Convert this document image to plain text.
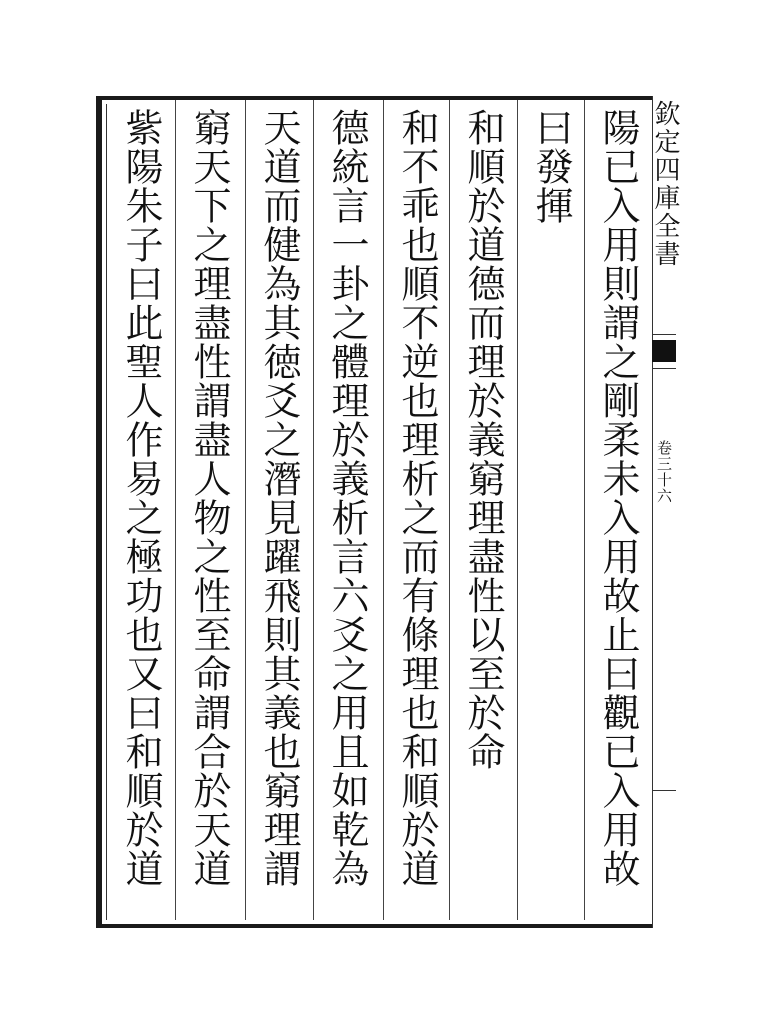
陽已入用則謂之剛柔未入用故止曰觀已入用故
曰發揮
和順於道德而理於義窮理盡性以至於命
和不乖也順不逆也理析之而有條理也和順於道
德統言一卦之體理於義析言六爻之用且如乾為
天道而健為其徳爻之潛見躍飛則其義也窮理謂
窮天下之理盡性謂盡人物之性至命謂合於天道
紫陽朱子曰此聖人作易之極功也又曰和順於道	欽定四庫全書
卷三十六
